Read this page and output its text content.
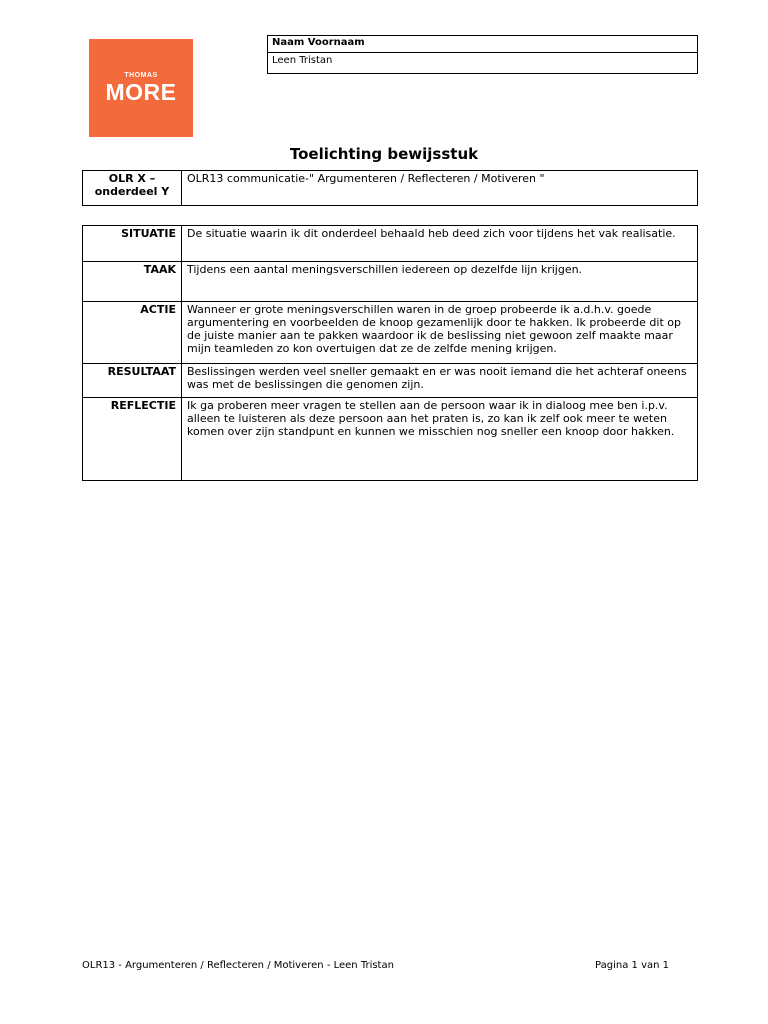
THOMAS
MORE
Naam Voornaam
Leen Tristan
Toelichting bewijsstuk
OLR X – onderdeel Y	OLR13 communicatie-" Argumenteren / Reflecteren / Motiveren "
SITUATIE	De situatie waarin ik dit onderdeel behaald heb deed zich voor tijdens het vak realisatie.
TAAK	Tijdens een aantal meningsverschillen iedereen op dezelfde lijn krijgen.
ACTIE	Wanneer er grote meningsverschillen waren in de groep probeerde ik a.d.h.v. goede argumentering en voorbeelden de knoop gezamenlijk door te hakken. Ik probeerde dit op de juiste manier aan te pakken waardoor ik de beslissing niet gewoon zelf maakte maar mijn teamleden zo kon overtuigen dat ze de zelfde mening krijgen.
RESULTAAT	Beslissingen werden veel sneller gemaakt en er was nooit iemand die het achteraf oneens was met de beslissingen die genomen zijn.
REFLECTIE	Ik ga proberen meer vragen te stellen aan de persoon waar ik in dialoog mee ben i.p.v. alleen te luisteren als deze persoon aan het praten is, zo kan ik zelf ook meer te weten komen over zijn standpunt en kunnen we misschien nog sneller een knoop door hakken.
OLR13 - Argumenteren / Reflecteren / Motiveren - Leen Tristan	Pagina 1 van 1
